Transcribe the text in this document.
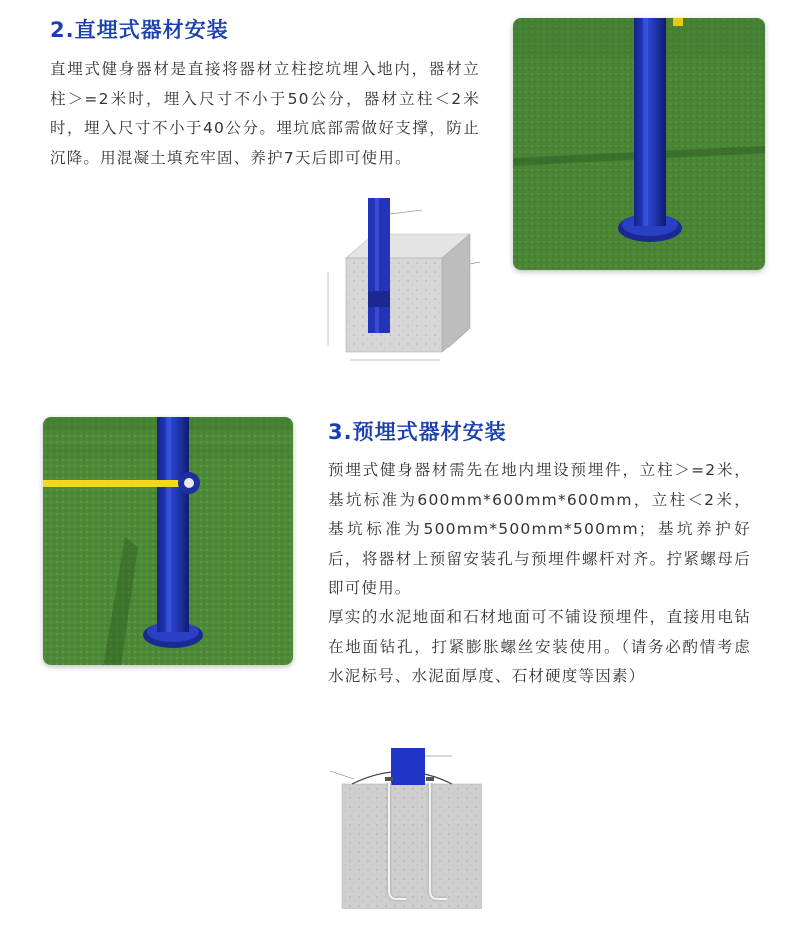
2.直埋式器材安装

直埋式健身器材是直接将器材立柱挖坑埋入地内，器材立柱＞=2米时，埋入尺寸不小于50公分，器材立柱＜2米时，埋入尺寸不小于40公分。埋坑底部需做好支撑，防止沉降。用混凝土填充牢固、养护7天后即可使用。

3.预埋式器材安装

预埋式健身器材需先在地内埋设预埋件，立柱＞=2米，基坑标准为600mm*600mm*600mm，立柱＜2米，基坑标准为500mm*500mm*500mm；基坑养护好后，将器材上预留安装孔与预埋件螺杆对齐。拧紧螺母后即可使用。

厚实的水泥地面和石材地面可不铺设预埋件，直接用电钻在地面钻孔，打紧膨胀螺丝安装使用。（请务必酌情考虑水泥标号、水泥面厚度、石材硬度等因素）
